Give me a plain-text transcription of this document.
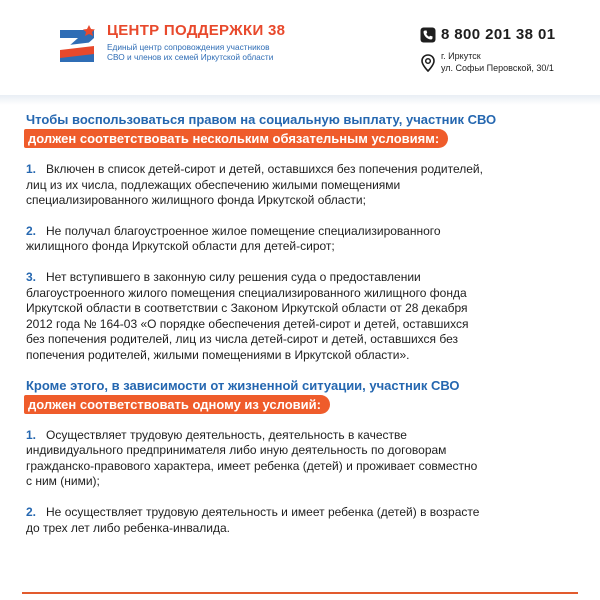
ЦЕНТР ПОДДЕРЖКИ 38
Единый центр сопровождения участников
СВО и членов их семей Иркутской области
8 800 201 38 01
г. Иркутск
ул. Софьи Перовской, 30/1
Чтобы воспользоваться правом на социальную выплату, участник СВО
должен соответствовать нескольким обязательным условиям:
1. Включен в список детей-сирот и детей, оставшихся без попечения родителей,
лиц из их числа, подлежащих обеспечению жилыми помещениями
специализированного жилищного фонда Иркутской области;
2. Не получал благоустроенное жилое помещение специализированного
жилищного фонда Иркутской области для детей-сирот;
3. Нет вступившего в законную силу решения суда о предоставлении
благоустроенного жилого помещения специализированного жилищного фонда
Иркутской области в соответствии с Законом Иркутской области от 28 декабря
2012 года № 164-03 «О порядке обеспечения детей-сирот и детей, оставшихся
без попечения родителей, лиц из числа детей-сирот и детей, оставшихся без
попечения родителей, жилыми помещениями в Иркутской области».
Кроме этого, в зависимости от жизненной ситуации, участник СВО
должен соответствовать одному из условий:
1. Осуществляет трудовую деятельность, деятельность в качестве
индивидуального предпринимателя либо иную деятельность по договорам
гражданско-правового характера, имеет ребенка (детей) и проживает совместно
с ним (ними);
2. Не осуществляет трудовую деятельность и имеет ребенка (детей) в возрасте
до трех лет либо ребенка-инвалида.
